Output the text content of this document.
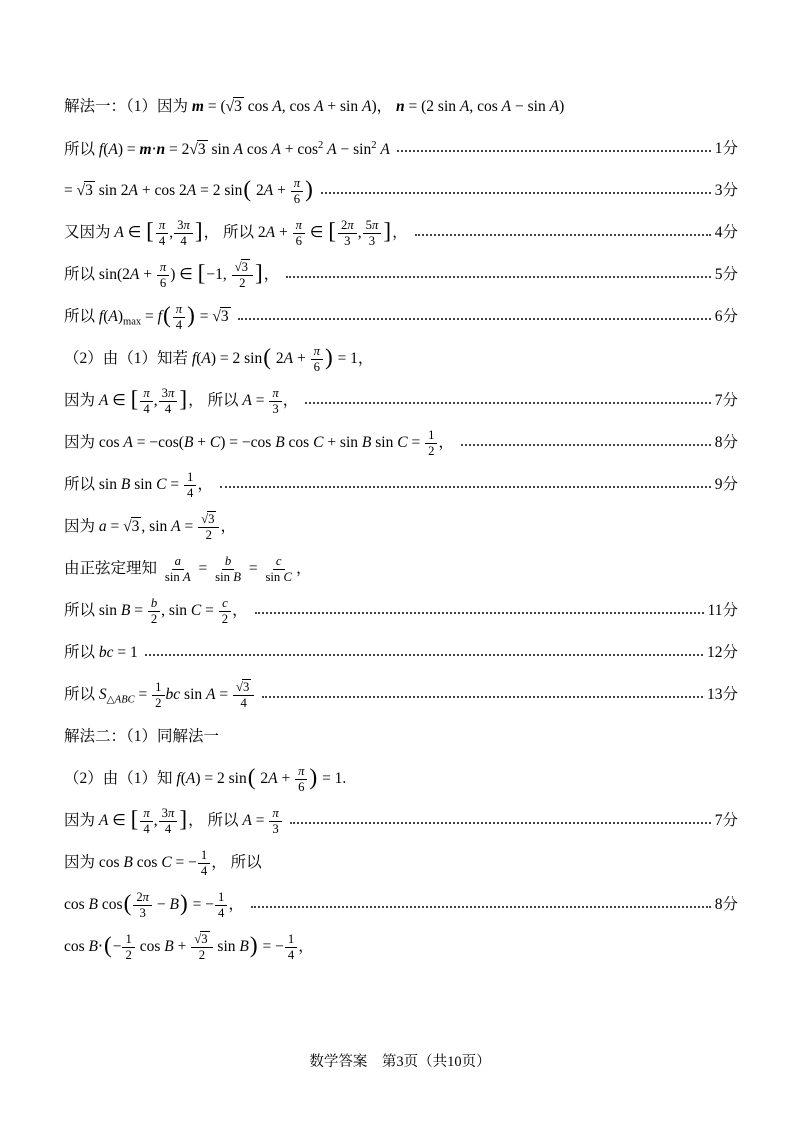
解法一：（1）因为 m = (√3 cos A, cos A + sin A)， n = (2 sin A, cos A − sin A)
所以 f(A) = m⋅n = 2√3 sin A $\cos A + \cos^2 A - \sin^2 A$	1分
= √3 sin 2A + cos 2A = 2 sin( $2A + \frac{\pi}{6}$ )	3分
又因为 A ∈ [ $\frac{\pi}{4}$ , $\frac{3\pi}{4}$ ]， 所以 $2A + \frac{\pi}{6}$ ∈ [ $\frac{2\pi}{3}$ , $\frac{5\pi}{3}$ ]，	4分
所以 $\sin(2A + \frac{\pi}{6}$ ) ∈ [−1, $\frac{√3}{2}$ ]，	5分
所以 $f(A)_{max} = f( \frac{\pi}{4}$ ) = √3	6分
（2）由（1）知若 f(A) = 2 sin( $2A + \frac{\pi}{6}$ ) = 1，
因为 A ∈ [ $\frac{\pi}{4}$ , $\frac{3\pi}{4}$ ]， 所以 $A = \frac{\pi}{3}$ ，	7分
因为 cos A = −cos(B + C) = −cos B cos C + sin B $\sin C = \frac{1}{2}$ ，	8分
所以 sin B $\sin C = \frac{1}{4}$ ，	9分
因为 a = √3 , $\sin A = \frac{√3}{2}$ ，
由正弦定理知 $\frac{a}{\text{sin A}} = \frac{b}{\text{sin B}} = \frac{c}{\text{sin C}}$ ，
所以 $\sin B = \frac{b}{2}$ , $\sin C = \frac{c}{2}$ ，	11分
所以 bc = 1	12分
所以 $S_{\triangle ABC} = \frac{1}{2}$ bc $\sin A = \frac{√3}{4}$	13分
解法二：（1）同解法一
（2）由（1）知 f(A) = 2 sin( $2A + \frac{\pi}{6}$ ) = 1.
因为 A ∈ [ $\frac{\pi}{4}$ , $\frac{3\pi}{4}$ ]， 所以 $A = \frac{\pi}{3}$	7分
因为 cos B cos C = − $\frac{1}{4}$ ， 所以
cos B $\cos( \frac{2\pi}{3} - B)$ = − $\frac{1}{4}$ ，	8分
$\cos B\cdot(- \frac{1}{2}$ $\cos B + \frac{√3}{2}$ sin B) = − $\frac{1}{4}$ ，
数学答案　第3页（共10页）
